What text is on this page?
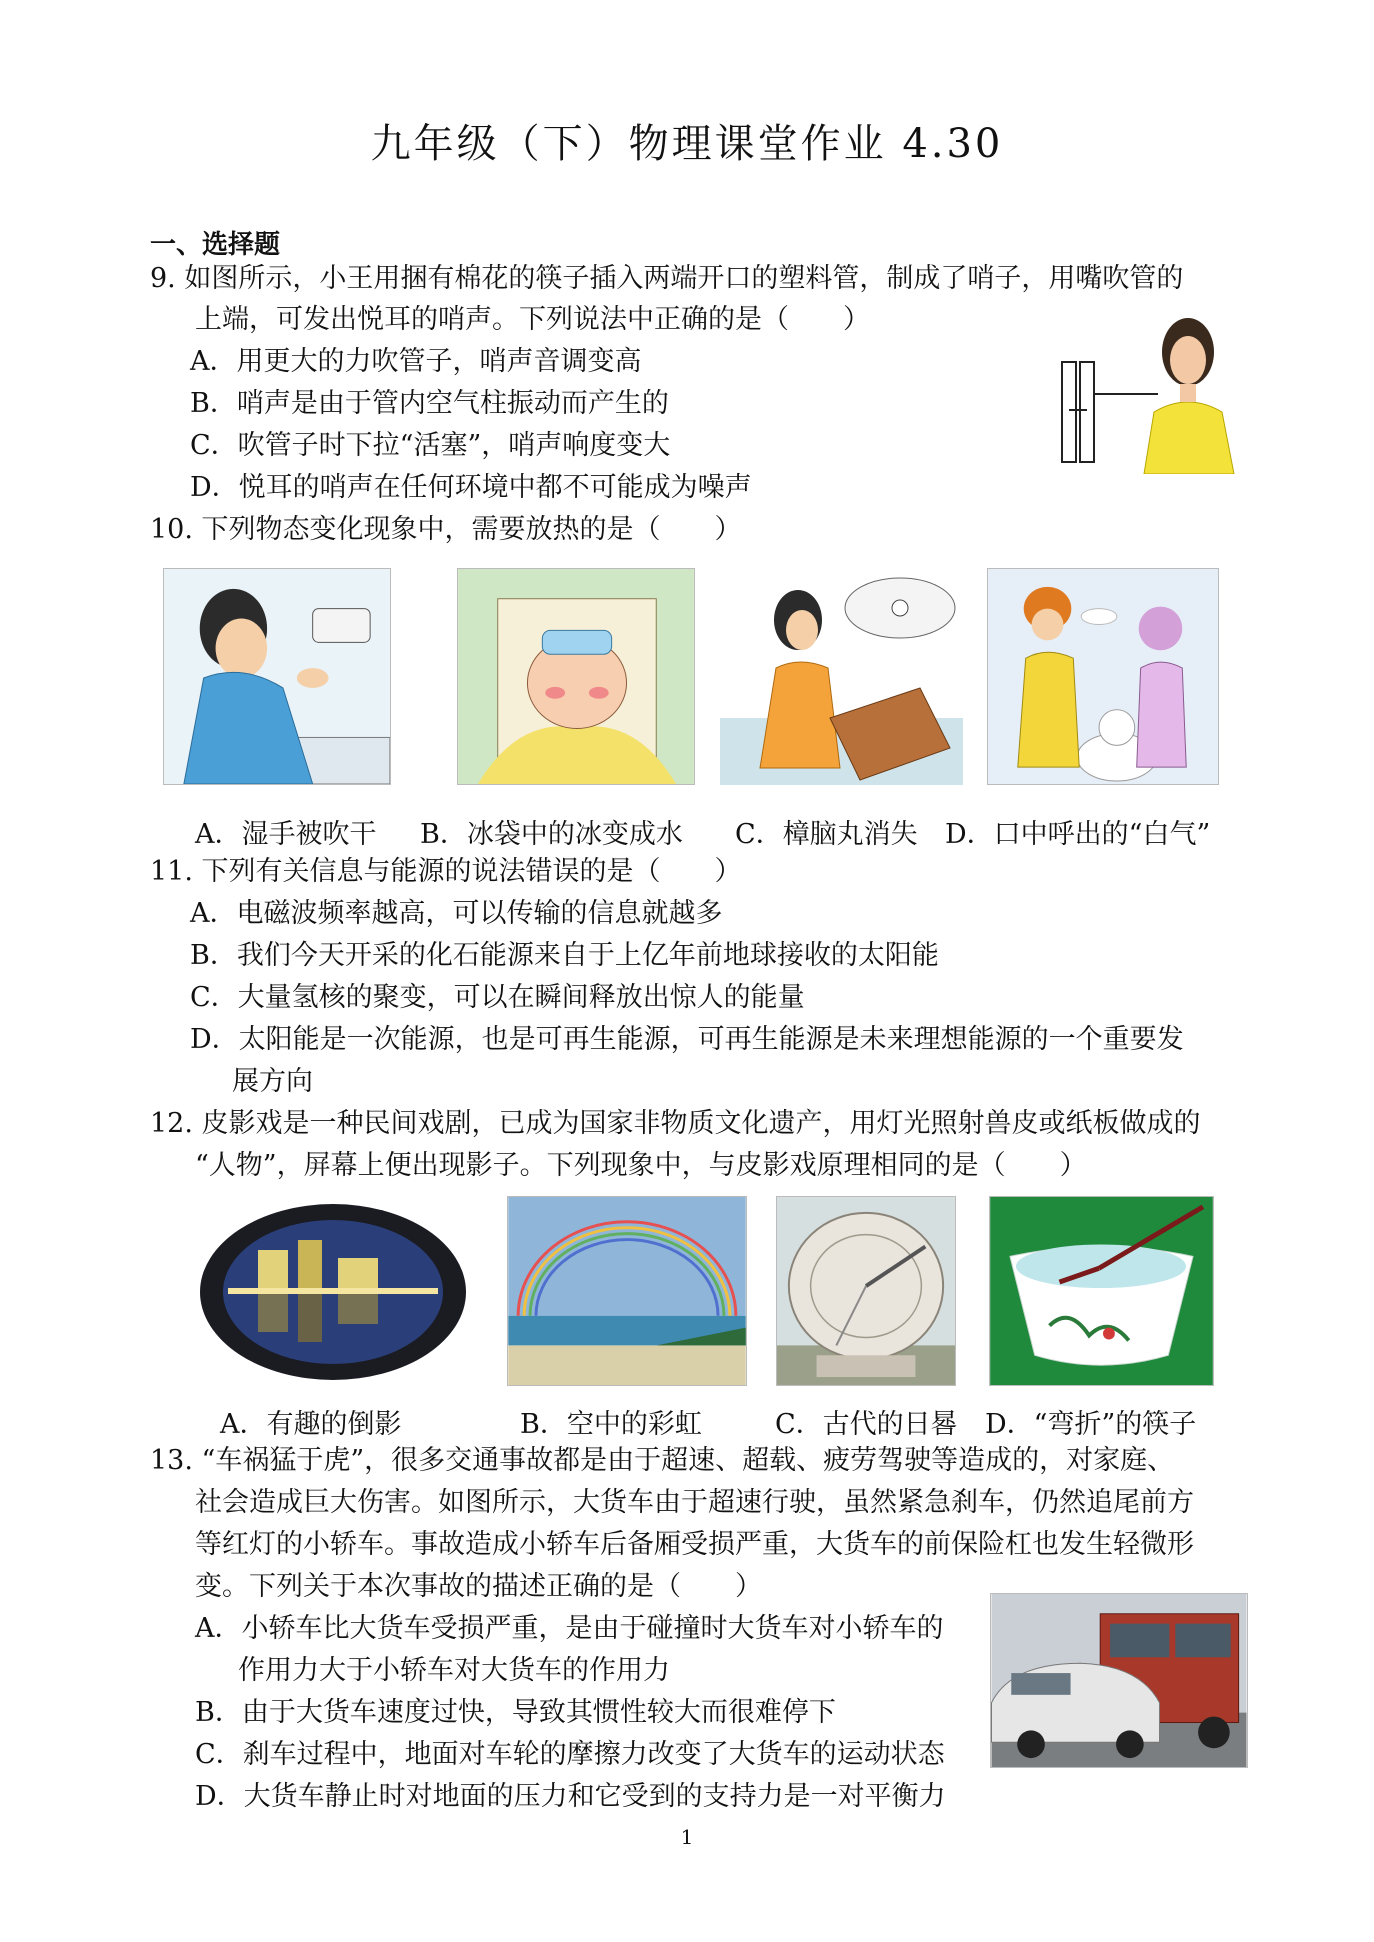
九年级（下）物理课堂作业 4.30
一、选择题
9. 如图所示，小王用捆有棉花的筷子插入两端开口的塑料管，制成了哨子，用嘴吹管的
上端，可发出悦耳的哨声。下列说法中正确的是（　　）
A．用更大的力吹管子，哨声音调变高
B．哨声是由于管内空气柱振动而产生的
C．吹管子时下拉“活塞”，哨声响度变大
D．悦耳的哨声在任何环境中都不可能成为噪声
10. 下列物态变化现象中，需要放热的是（　　）
A．湿手被吹干 B．冰袋中的冰变成水 C．樟脑丸消失 D．口中呼出的“白气”
11. 下列有关信息与能源的说法错误的是（　　）
A．电磁波频率越高，可以传输的信息就越多
B．我们今天开采的化石能源来自于上亿年前地球接收的太阳能
C．大量氢核的聚变，可以在瞬间释放出惊人的能量
D．太阳能是一次能源，也是可再生能源，可再生能源是未来理想能源的一个重要发
展方向
12. 皮影戏是一种民间戏剧，已成为国家非物质文化遗产，用灯光照射兽皮或纸板做成的
“人物”，屏幕上便出现影子。下列现象中，与皮影戏原理相同的是（　　）
A．有趣的倒影	B．空中的彩虹	C．古代的日晷 D．“弯折”的筷子
13. “车祸猛于虎”，很多交通事故都是由于超速、超载、疲劳驾驶等造成的，对家庭、
社会造成巨大伤害。如图所示，大货车由于超速行驶，虽然紧急刹车，仍然追尾前方
等红灯的小轿车。事故造成小轿车后备厢受损严重，大货车的前保险杠也发生轻微形
变。下列关于本次事故的描述正确的是（　　）
A．小轿车比大货车受损严重，是由于碰撞时大货车对小轿车的
作用力大于小轿车对大货车的作用力
B．由于大货车速度过快，导致其惯性较大而很难停下
C．刹车过程中，地面对车轮的摩擦力改变了大货车的运动状态
D．大货车静止时对地面的压力和它受到的支持力是一对平衡力
1
